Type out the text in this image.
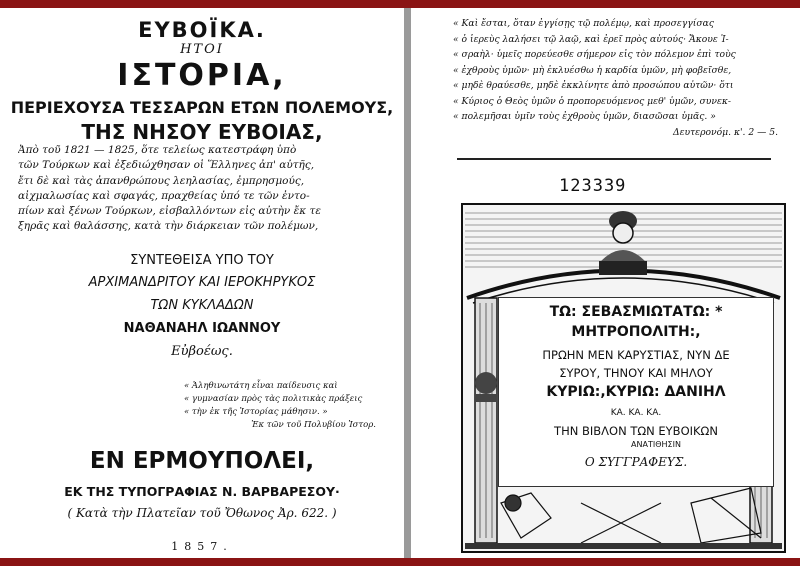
ΕΥΒΟΪΚΑ.
ΗΤΟΙ
ΙΣΤΟΡΙΑ,
ΠΕΡΙΕΧΟΥΣΑ ΤΕΣΣΑΡΩΝ ΕΤΩΝ ΠΟΛΕΜΟΥΣ,
ΤΗΣ ΝΗΣΟΥ ΕΥΒΟΙΑΣ,
Ἀπὸ τοῦ 1821 — 1825, ὅτε τελείως κατεστράφη ὑπὸ
τῶν Τούρκων καὶ ἐξεδιώχθησαν οἱ Ἕλληνες ἀπ' αὐτῆς,
ἔτι δὲ καὶ τὰς ἀπανθρώπους λεηλασίας, ἐμπρησμούς,
αἰχμαλωσίας καὶ σφαγάς, πραχθείας ὑπό τε τῶν ἐντο-
πίων καὶ ξένων Τούρκων, εἰσβαλλόντων εἰς αὐτὴν ἔκ τε
ξηρᾶς καὶ θαλάσσης, κατὰ τὴν διάρκειαν τῶν πολέμων,
ΣΥΝΤΕΘΕΙΣΑ ΥΠΟ ΤΟΥ
ΑΡΧΙΜΑΝΔΡΙΤΟΥ ΚΑΙ ΙΕΡΟΚΗΡΥΚΟΣ
ΤΩΝ ΚΥΚΛΑΔΩΝ
ΝΑΘΑΝΑΗΛ ΙΩΑΝΝΟΥ
Εὐβοέως.
« Ἀληθινωτάτη εἶναι παίδευσις καὶ
« γυμνασίαν πρὸς τὰς πολιτικὰς πράξεις
« τὴν ἐκ τῆς Ἱστορίας μάθησιν. »
Ἐκ τῶν τοῦ Πολυβίου Ἱστορ.
ΕΝ ΕΡΜΟΥΠΟΛΕΙ,
ΕΚ ΤΗΣ ΤΥΠΟΓΡΑΦΙΑΣ Ν. ΒΑΡΒΑΡΕΣΟΥ·
( Κατὰ τὴν Πλατεῖαν τοῦ Ὄθωνος Ἀρ. 622. )
1857.
« Καὶ ἔσται, ὅταν ἐγγίσῃς τῷ πολέμῳ, καὶ προσεγγίσας
« ὁ ἱερεὺς λαλήσει τῷ λαῷ, καὶ ἐρεῖ πρὸς αὐτούς· Ἄκουε Ἰ-
« σραὴλ· ὑμεῖς πορεύεσθε σήμερον εἰς τὸν πόλεμον ἐπὶ τοὺς
« ἐχθροὺς ὑμῶν· μὴ ἐκλυέσθω ἡ καρδία ὑμῶν, μὴ φοβεῖσθε,
« μηδὲ θραύεσθε, μηδὲ ἐκκλίνητε ἀπὸ προσώπου αὐτῶν· ὅτι
« Κύριος ὁ Θεὸς ὑμῶν ὁ προπορευόμενος μεθ' ὑμῶν, συνεκ-
« πολεμῆσαι ὑμῖν τοὺς ἐχθροὺς ὑμῶν, διασῶσαι ὑμᾶς. »
Δευτερονόμ. κ'. 2 — 5.
123339
ΤΩ: ΣΕΒΑΣΜΙΩΤΑΤΩ: *
ΜΗΤΡΟΠΟΛΙΤΗ:,
ΠΡΩΗΝ ΜΕΝ ΚΑΡΥΣΤΙΑΣ, ΝΥΝ ΔΕ
ΣΥΡΟΥ, ΤΗΝΟΥ ΚΑΙ ΜΗΛΟΥ
ΚΥΡΙΩ:,ΚΥΡΙΩ: ΔΑΝΙΗΛ
ΚΑ. ΚΑ. ΚΑ.
ΤΗΝ ΒΙΒΛΟΝ ΤΩΝ ΕΥΒΟΙΚΩΝ
ΑΝΑΤΙΘΗΣΙΝ
Ο ΣΥΓΓΡΑΦΕΥΣ.
